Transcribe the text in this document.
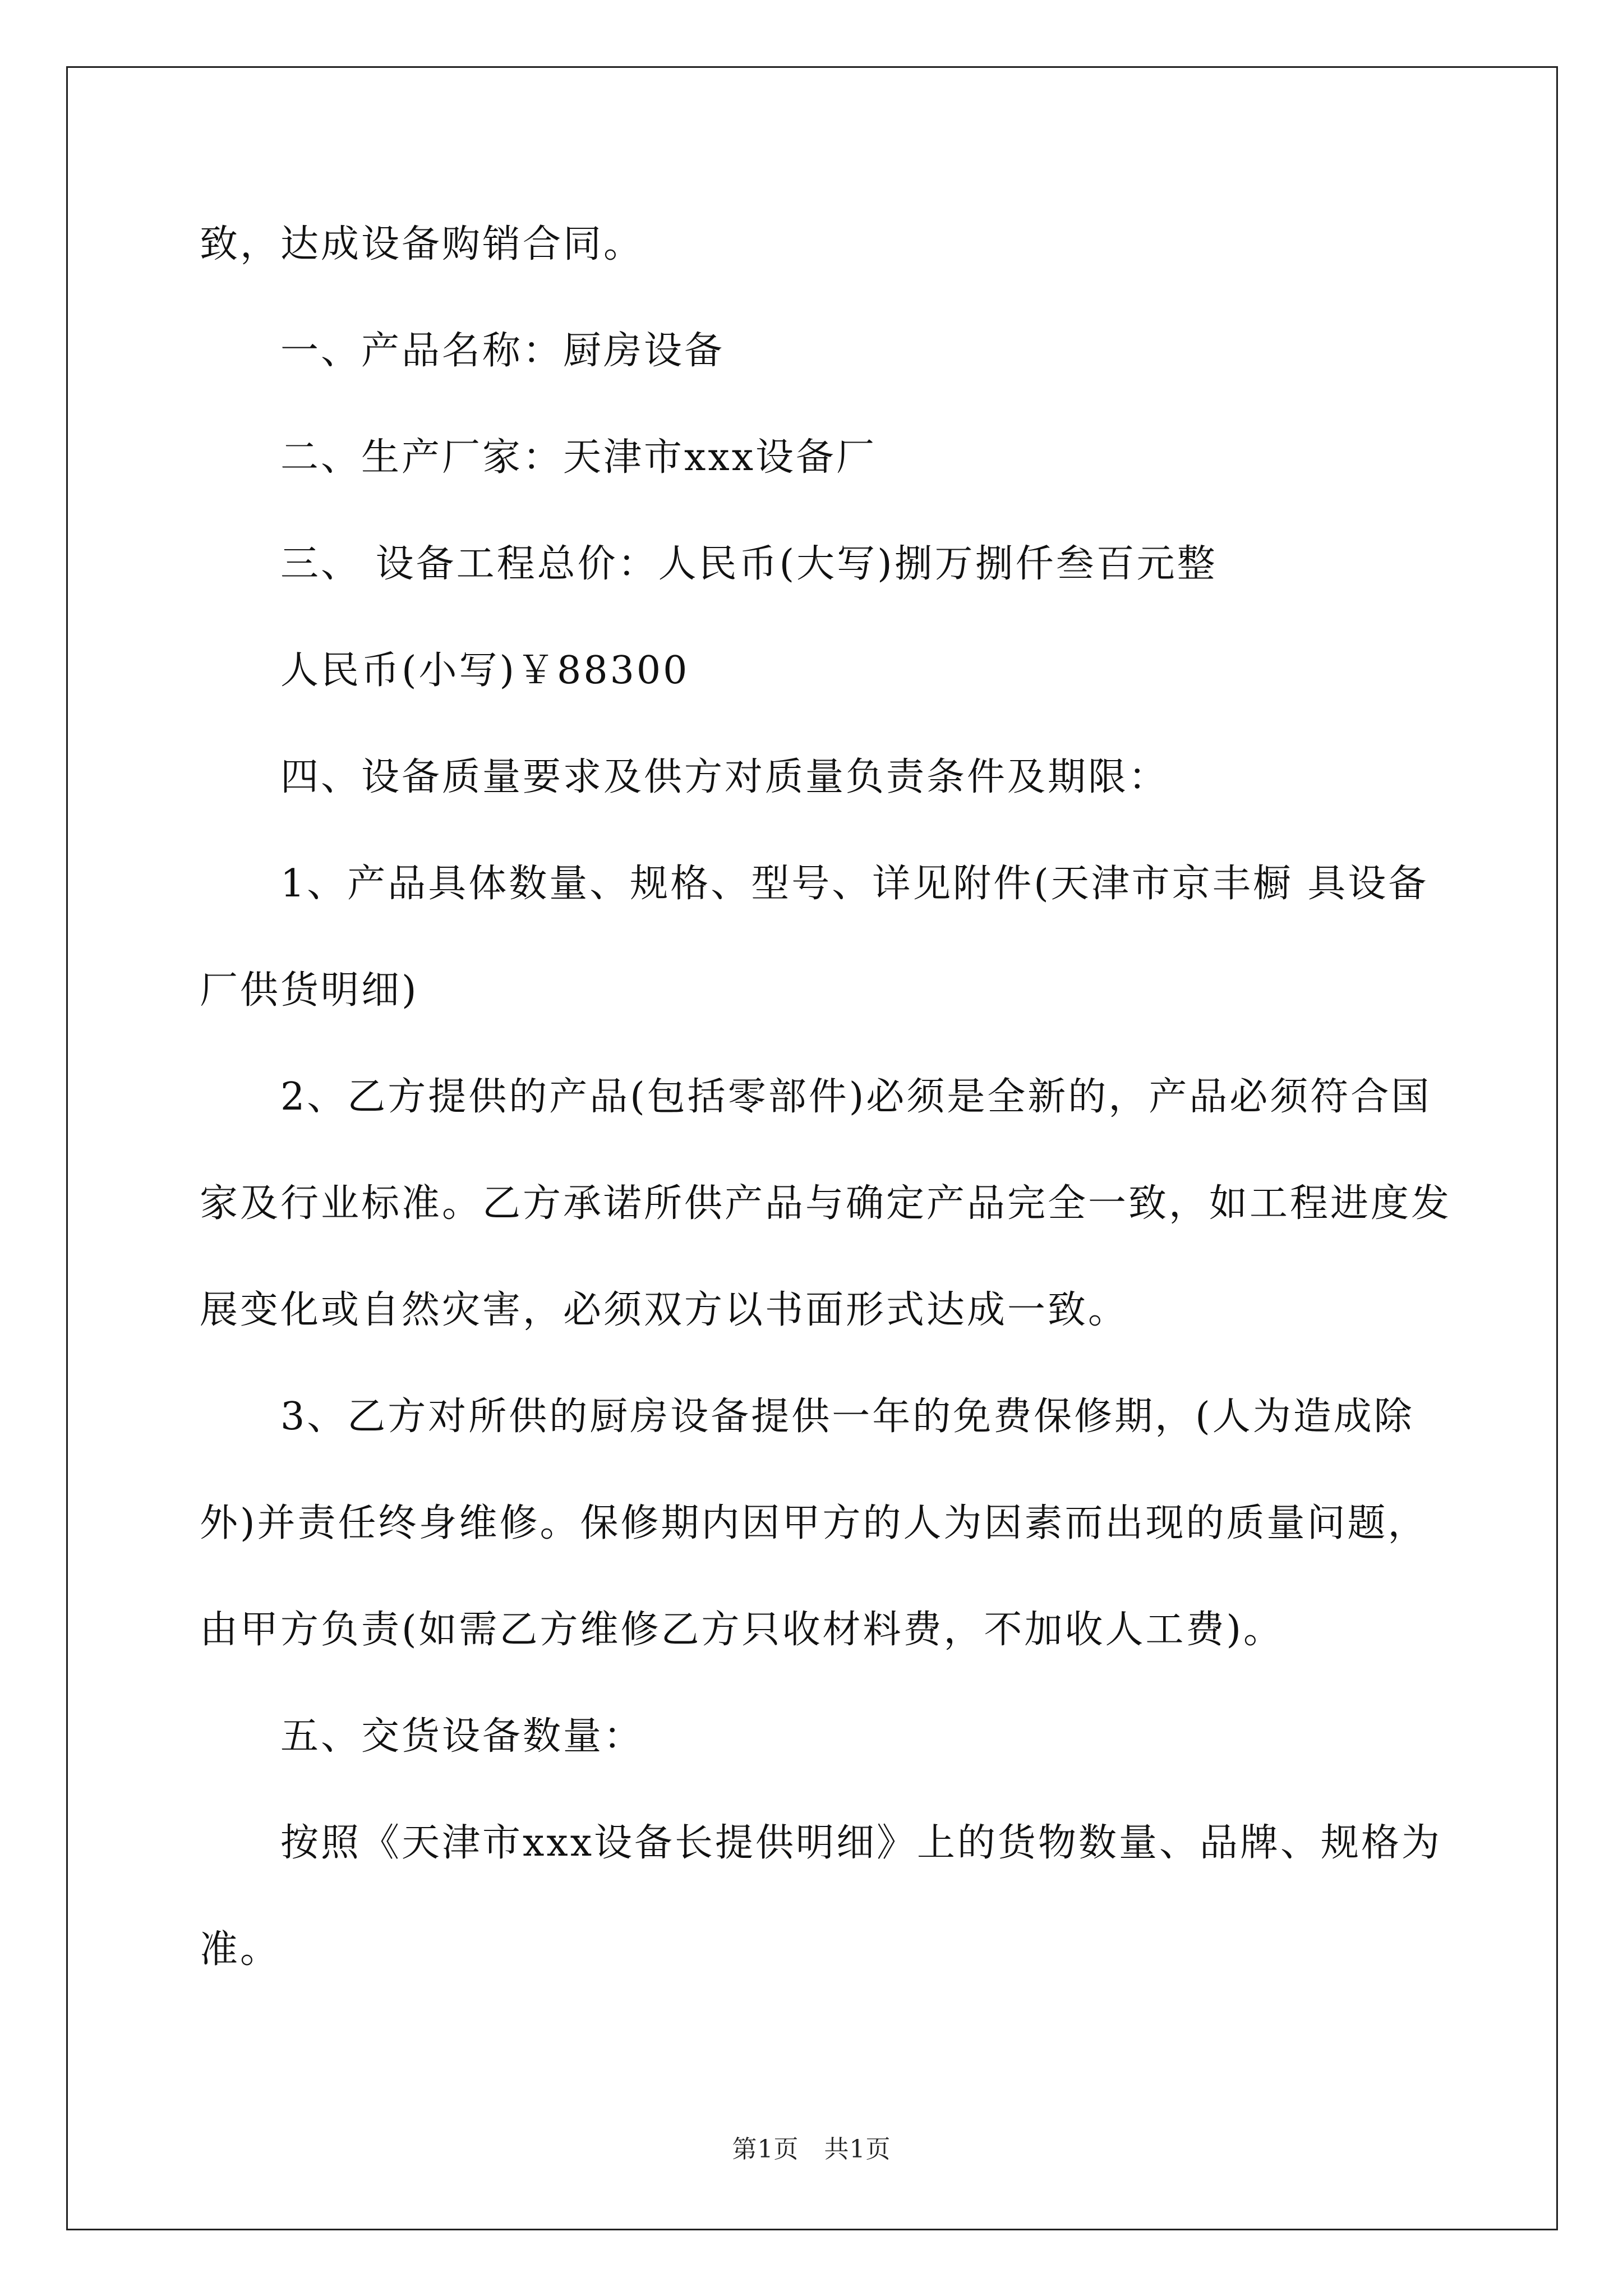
致，达成设备购销合同。

一、产品名称：厨房设备

二、生产厂家：天津市xxx设备厂

三、 设备工程总价：人民币(大写)捌万捌仟叁百元整

人民币(小写)￥88300

四、设备质量要求及供方对质量负责条件及期限：

1、产品具体数量、规格、型号、详见附件(天津市京丰橱 具设备厂供货明细)

2、乙方提供的产品(包括零部件)必须是全新的，产品必须符合国家及行业标准。乙方承诺所供产品与确定产品完全一致，如工程进度发展变化或自然灾害，必须双方以书面形式达成一致。

3、乙方对所供的厨房设备提供一年的免费保修期，(人为造成除外)并责任终身维修。保修期内因甲方的人为因素而出现的质量问题，由甲方负责(如需乙方维修乙方只收材料费，不加收人工费)。

五、交货设备数量：

按照《天津市xxx设备长提供明细》上的货物数量、品牌、规格为准。

第1页　共1页
